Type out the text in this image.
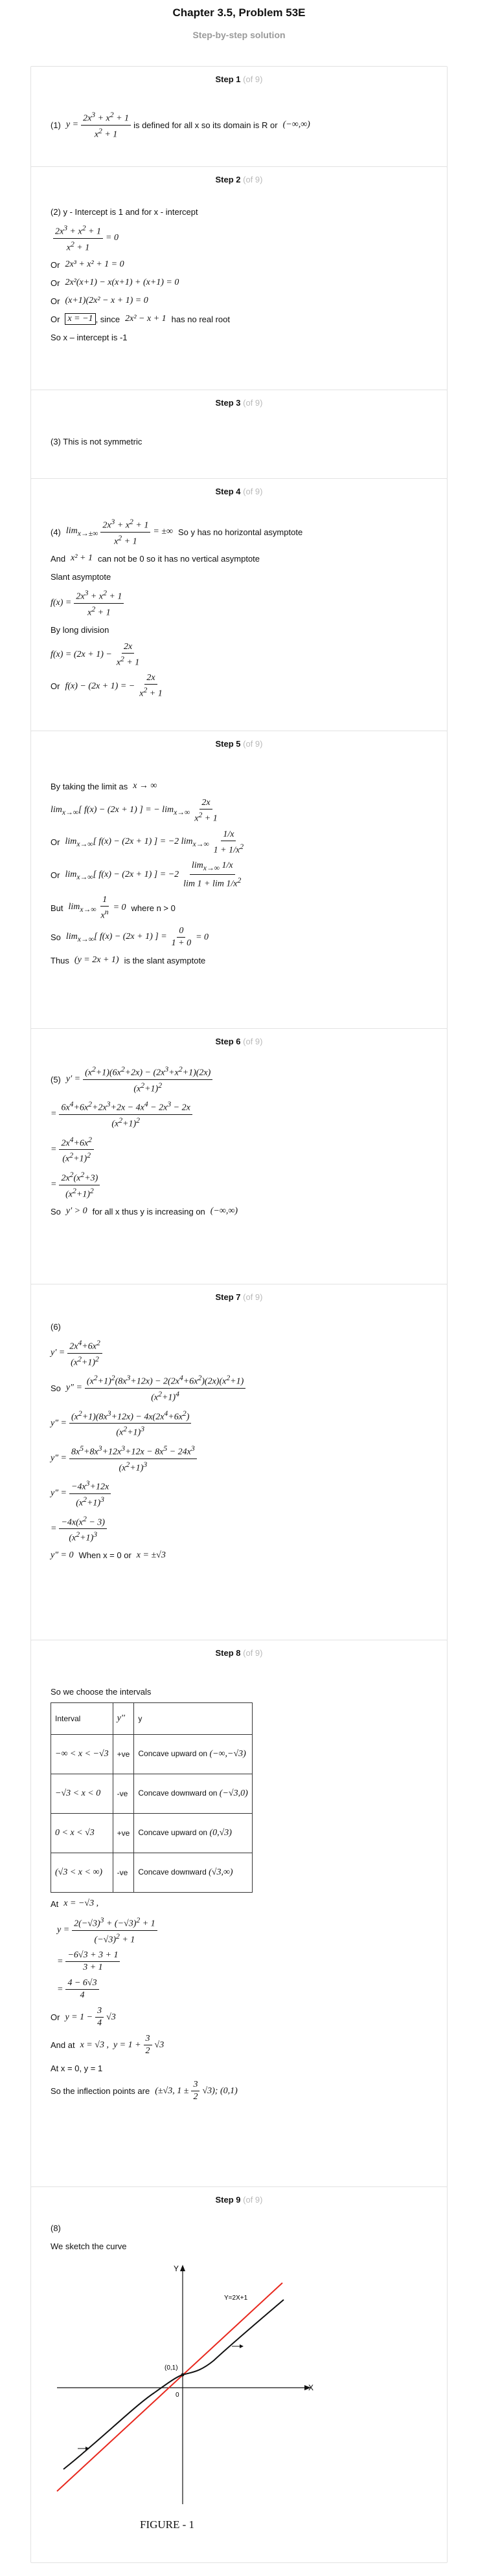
Chapter 3.5, Problem 53E
Step-by-step solution
Step 1 (of 9)
(1) $y = \frac{2x^3 + x^2 + 1}{x^2 + 1}$ is defined for all x so its domain is R or (−∞,∞)
Step 2 (of 9)
(2) y - Intercept is 1 and for x - intercept
$\frac{2x^3 + x^2 + 1}{x^2 + 1} = 0$
Or 2x³ + x² + 1 = 0
Or 2x²(x+1) − x(x+1) + (x+1) = 0
Or (x+1)(2x² − x + 1) = 0
Or x = −1 , since 2x² − x + 1 has no real root
So x – intercept is -1
Step 3 (of 9)
(3) This is not symmetric
Step 4 (of 9)
(4) $\lim_{x\to\pm\infty} \frac{2x^3 + x^2 + 1}{x^2 + 1}$ = ±∞ So y has no horizontal asymptote
And x² + 1 can not be 0 so it has no vertical asymptote
Slant asymptote
$f(x) = \frac{2x^3 + x^2 + 1}{x^2 + 1}$
By long division
$f(x) = (2x + 1) - \frac{2x}{x^2 + 1}$
Or f(x) − (2x + 1) = − $\frac{2x}{x^2 + 1}$
Step 5 (of 9)
By taking the limit as x → ∞
$\lim_{x\to\infty}$[ f(x) − (2x + 1) ] = − $\lim_{x\to\infty} \frac{2x}{x^2 + 1}$
Or $\lim_{x\to\infty}$[ f(x) − (2x + 1) ] = −2 $\lim_{x\to\infty} \frac{1/x}{1 + 1/x^2}$
Or $\lim_{x\to\infty}$[ f(x) − (2x + 1) ] = $-2 \frac{\lim_{x\to\infty} 1/x}{\lim 1 + \lim 1/x^2}$
But $\lim_{x\to\infty} \frac{1}{x^n} = 0$ where n > 0
So $\lim_{x\to\infty}$[ f(x) − (2x + 1) ] = $\frac{0}{1 + 0} = 0$
Thus (y = 2x + 1) is the slant asymptote
Step 6 (of 9)
(5) $y' = \frac{(x^2+1)(6x^2+2x) - (2x^3+x^2+1)(2x)}{(x^2+1)^2}$
= $\frac{6x^4+6x^2+2x^3+2x - 4x^4 - 2x^3 - 2x}{(x^2+1)^2}$
= $\frac{2x^4+6x^2}{(x^2+1)^2}$
= $\frac{2x^2(x^2+3)}{(x^2+1)^2}$
So y′ > 0 for all x thus y is increasing on (−∞,∞)
Step 7 (of 9)
(6)
$y' = \frac{2x^4+6x^2}{(x^2+1)^2}$
So $y'' = \frac{(x^2+1)^2(8x^3+12x) - 2(2x^4+6x^2)(2x)(x^2+1)}{(x^2+1)^4}$
$y'' = \frac{(x^2+1)(8x^3+12x) - 4x(2x^4+6x^2)}{(x^2+1)^3}$
$y'' = \frac{8x^5+8x^3+12x^3+12x - 8x^5 - 24x^3}{(x^2+1)^3}$
$y'' = \frac{-4x^3+12x}{(x^2+1)^3}$
= $\frac{-4x(x^2 - 3)}{(x^2+1)^3}$
y″ = 0 When x = 0 or x = ±√3
Step 8 (of 9)
So we choose the intervals
Interval	y''	y
−∞ < x < −√3	+ve	Concave upward on (−∞,−√3)
−√3 < x < 0	-ve	Concave downward on (−√3,0)
0 < x < √3	+ve	Concave upward on (0,√3)
(√3 < x < ∞)	-ve	Concave downward (√3,∞)
At x = −√3 ,
$y = \frac{2(-√3)^3 + (-√3)^2 + 1}{(-√3)^2 + 1}$
= $\frac{-6√3 + 3 + 1}{3 + 1}$
= $\frac{4 - 6√3}{4}$
Or $y = 1 - \frac{3}{4} √3$
And at x = √3 ,  $y = 1 + \frac{3}{2} √3$
At x = 0, y = 1
So the inflection points are (±√3, $1 \pm \frac{3}{2} √3$); (0,1)
Step 9 (of 9)
(8)
We sketch the curve
Y
X
0
Y=2X+1
(0,1)
FIGURE - 1
